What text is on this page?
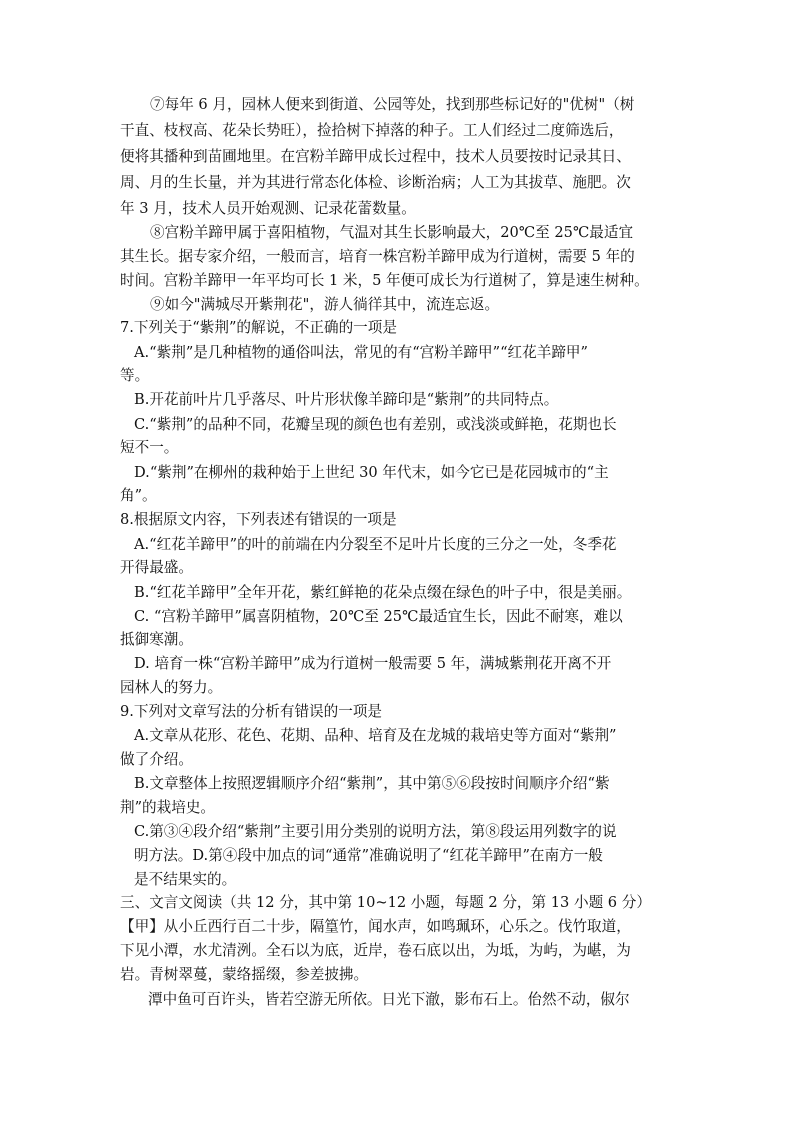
⑦每年 6 月，园林人便来到街道、公园等处，找到那些标记好的"优树"（树
干直、枝杈高、花朵长势旺），捡拾树下掉落的种子。工人们经过二度筛选后，
便将其播种到苗圃地里。在宫粉羊蹄甲成长过程中，技术人员要按时记录其日、
周、月的生长量，并为其进行常态化体检、诊断治病；人工为其拔草、施肥。次
年 3 月，技术人员开始观测、记录花蕾数量。
⑧宫粉羊蹄甲属于喜阳植物，气温对其生长影响最大，20℃至 25℃最适宜
其生长。据专家介绍，一般而言，培育一株宫粉羊蹄甲成为行道树，需要 5 年的
时间。宫粉羊蹄甲一年平均可长 1 米，5 年便可成长为行道树了，算是速生树种。
⑨如今"满城尽开紫荆花"，游人徜徉其中，流连忘返。
7.下列关于“紫荆”的解说，不正确的一项是
A.“紫荆”是几种植物的通俗叫法，常见的有“宫粉羊蹄甲”“红花羊蹄甲”
等。
B.开花前叶片几乎落尽、叶片形状像羊蹄印是“紫荆”的共同特点。
C.“紫荆”的品种不同，花瓣呈现的颜色也有差别，或浅淡或鲜艳，花期也长
短不一。
D.“紫荆”在柳州的栽种始于上世纪 30 年代末，如今它已是花园城市的“主
角”。
8.根据原文内容，下列表述有错误的一项是
A.“红花羊蹄甲”的叶的前端在内分裂至不足叶片长度的三分之一处，冬季花
开得最盛。
B.“红花羊蹄甲”全年开花，紫红鲜艳的花朵点缀在绿色的叶子中，很是美丽。
C. “宫粉羊蹄甲”属喜阴植物，20℃至 25℃最适宜生长，因此不耐寒，难以
抵御寒潮。
D. 培育一株“宫粉羊蹄甲”成为行道树一般需要 5 年，满城紫荆花开离不开
园林人的努力。
9.下列对文章写法的分析有错误的一项是
A.文章从花形、花色、花期、品种、培育及在龙城的栽培史等方面对“紫荆”
做了介绍。
B.文章整体上按照逻辑顺序介绍“紫荆”，其中第⑤⑥段按时间顺序介绍“紫
荆”的栽培史。
C.第③④段介绍“紫荆”主要引用分类别的说明方法，第⑧段运用列数字的说
明方法。D.第④段中加点的词“通常”准确说明了“红花羊蹄甲”在南方一般
是不结果实的。
三、文言文阅读（共 12 分，其中第 10~12 小题，每题 2 分，第 13 小题 6 分）
【甲】从小丘西行百二十步，隔篁竹，闻水声，如鸣珮环，心乐之。伐竹取道，
下见小潭，水尤清洌。全石以为底，近岸，卷石底以出，为坻，为屿，为嵁，为
岩。青树翠蔓，蒙络摇缀，参差披拂。
潭中鱼可百许头，皆若空游无所依。日光下澈，影布石上。佁然不动，俶尔
